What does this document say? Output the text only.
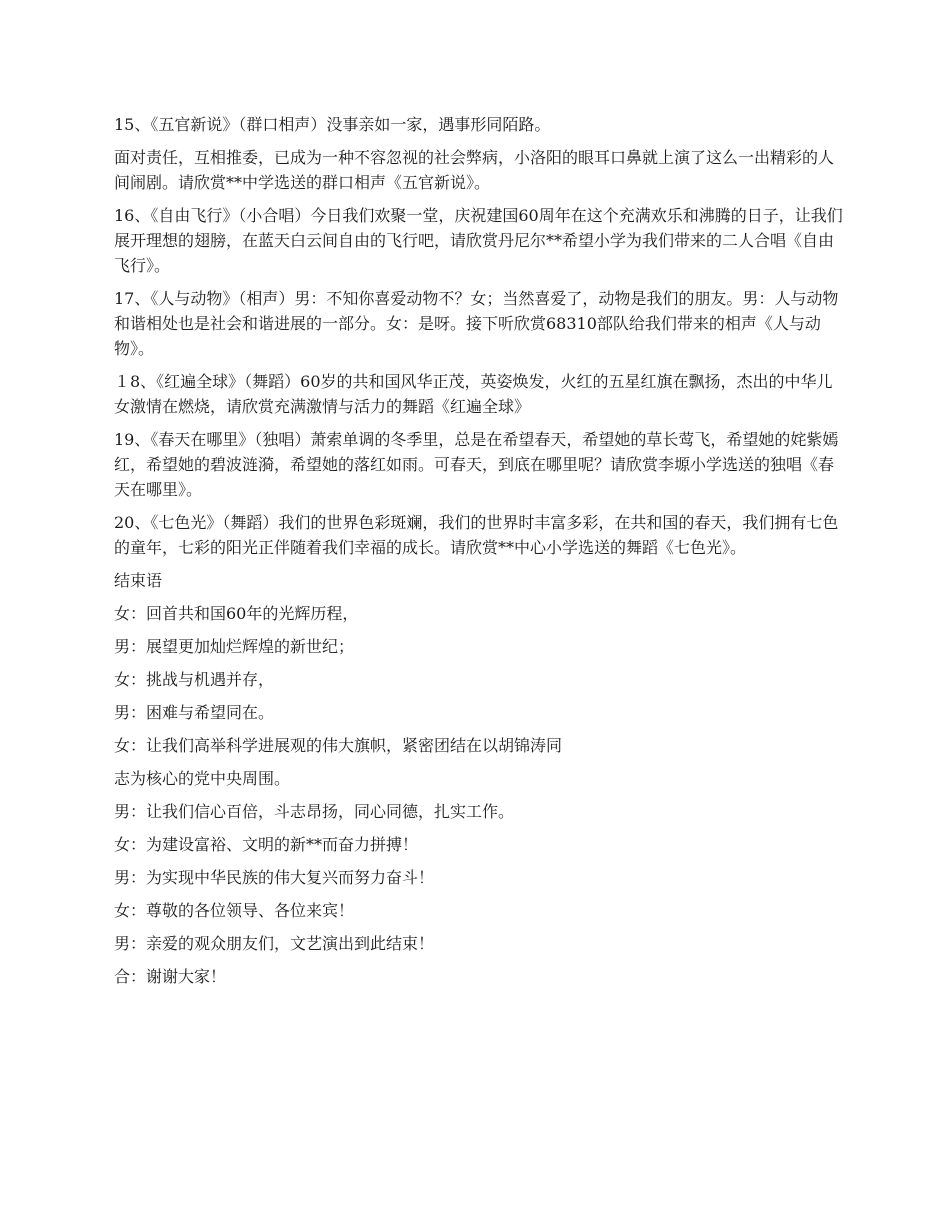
15、《五官新说》（群口相声）没事亲如一家，遇事形同陌路。

面对责任，互相推委，已成为一种不容忽视的社会弊病，小洛阳的眼耳口鼻就上演了这么一出精彩的人间闹剧。请欣赏**中学选送的群口相声《五官新说》。

16、《自由飞行》（小合唱）今日我们欢聚一堂，庆祝建国60周年在这个充满欢乐和沸腾的日子，让我们展开理想的翅膀，在蓝天白云间自由的飞行吧，请欣赏丹尼尔**希望小学为我们带来的二人合唱《自由飞行》。

17、《人与动物》（相声）男：不知你喜爱动物不？女；当然喜爱了，动物是我们的朋友。男：人与动物和谐相处也是社会和谐进展的一部分。女：是呀。接下听欣赏68310部队给我们带来的相声《人与动物》。

１8、《红遍全球》（舞蹈）60岁的共和国风华正茂，英姿焕发，火红的五星红旗在飘扬，杰出的中华儿女激情在燃烧，请欣赏充满激情与活力的舞蹈《红遍全球》

19、《春天在哪里》（独唱）萧索单调的冬季里，总是在希望春天，希望她的草长莺飞，希望她的姹紫嫣红，希望她的碧波涟漪，希望她的落红如雨。可春天，到底在哪里呢？请欣赏李塬小学选送的独唱《春天在哪里》。

20、《七色光》（舞蹈）我们的世界色彩斑斓，我们的世界时丰富多彩，在共和国的春天，我们拥有七色的童年，七彩的阳光正伴随着我们幸福的成长。请欣赏**中心小学选送的舞蹈《七色光》。

结束语

女：回首共和国60年的光辉历程，

男：展望更加灿烂辉煌的新世纪；

女：挑战与机遇并存，

男：困难与希望同在。

女：让我们高举科学进展观的伟大旗帜，紧密团结在以胡锦涛同

志为核心的党中央周围。

男：让我们信心百倍，斗志昂扬，同心同德，扎实工作。

女：为建设富裕、文明的新**而奋力拼搏！

男：为实现中华民族的伟大复兴而努力奋斗！

女：尊敬的各位领导、各位来宾！

男：亲爱的观众朋友们，文艺演出到此结束！

合：谢谢大家！
